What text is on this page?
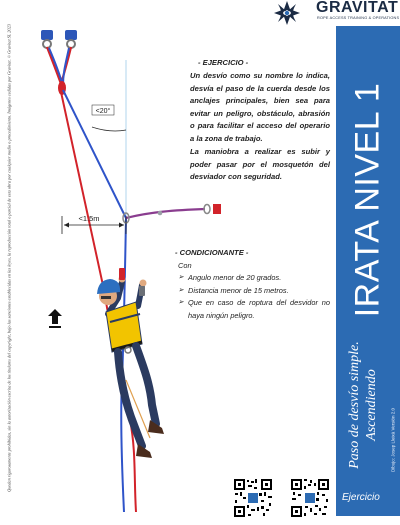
Quedan rigurosamente prohibidas, sin la autorización escrita de los titulares del copyright, bajo las sanciones establecidas en las leyes, la reproducción total o parcial de esta obra por cualquier medio o procedimiento. Imágenes cedidas por Gravitat. © Gravitat SL 2023
GRAVITAT
ROPE ACCESS TRAINING & OPERATIONS
IRATA NIVEL 1
Paso de desvío simple. Ascendiendo	Dibujo: Josep Lleixà Versión 2.0
Ejercicio
- EJERCICIO -
Un desvío como su nombre lo indica, desvía el paso de la cuerda desde los anclajes principales, bien sea para evitar un peligro, obstáculo, abrasión o para facilitar el acceso del operario a la zona de trabajo.
La maniobra a realizar es subir y poder pasar por el mosquetón del desviador con seguridad.
- CONDICIONANTE -
Con
➢ Angulo menor de 20 grados.
➢ Distancia menor de 15 metros.
➢ Que en caso de roptura del desvidor no haya ningún peligro.
<20°
<1.5m
